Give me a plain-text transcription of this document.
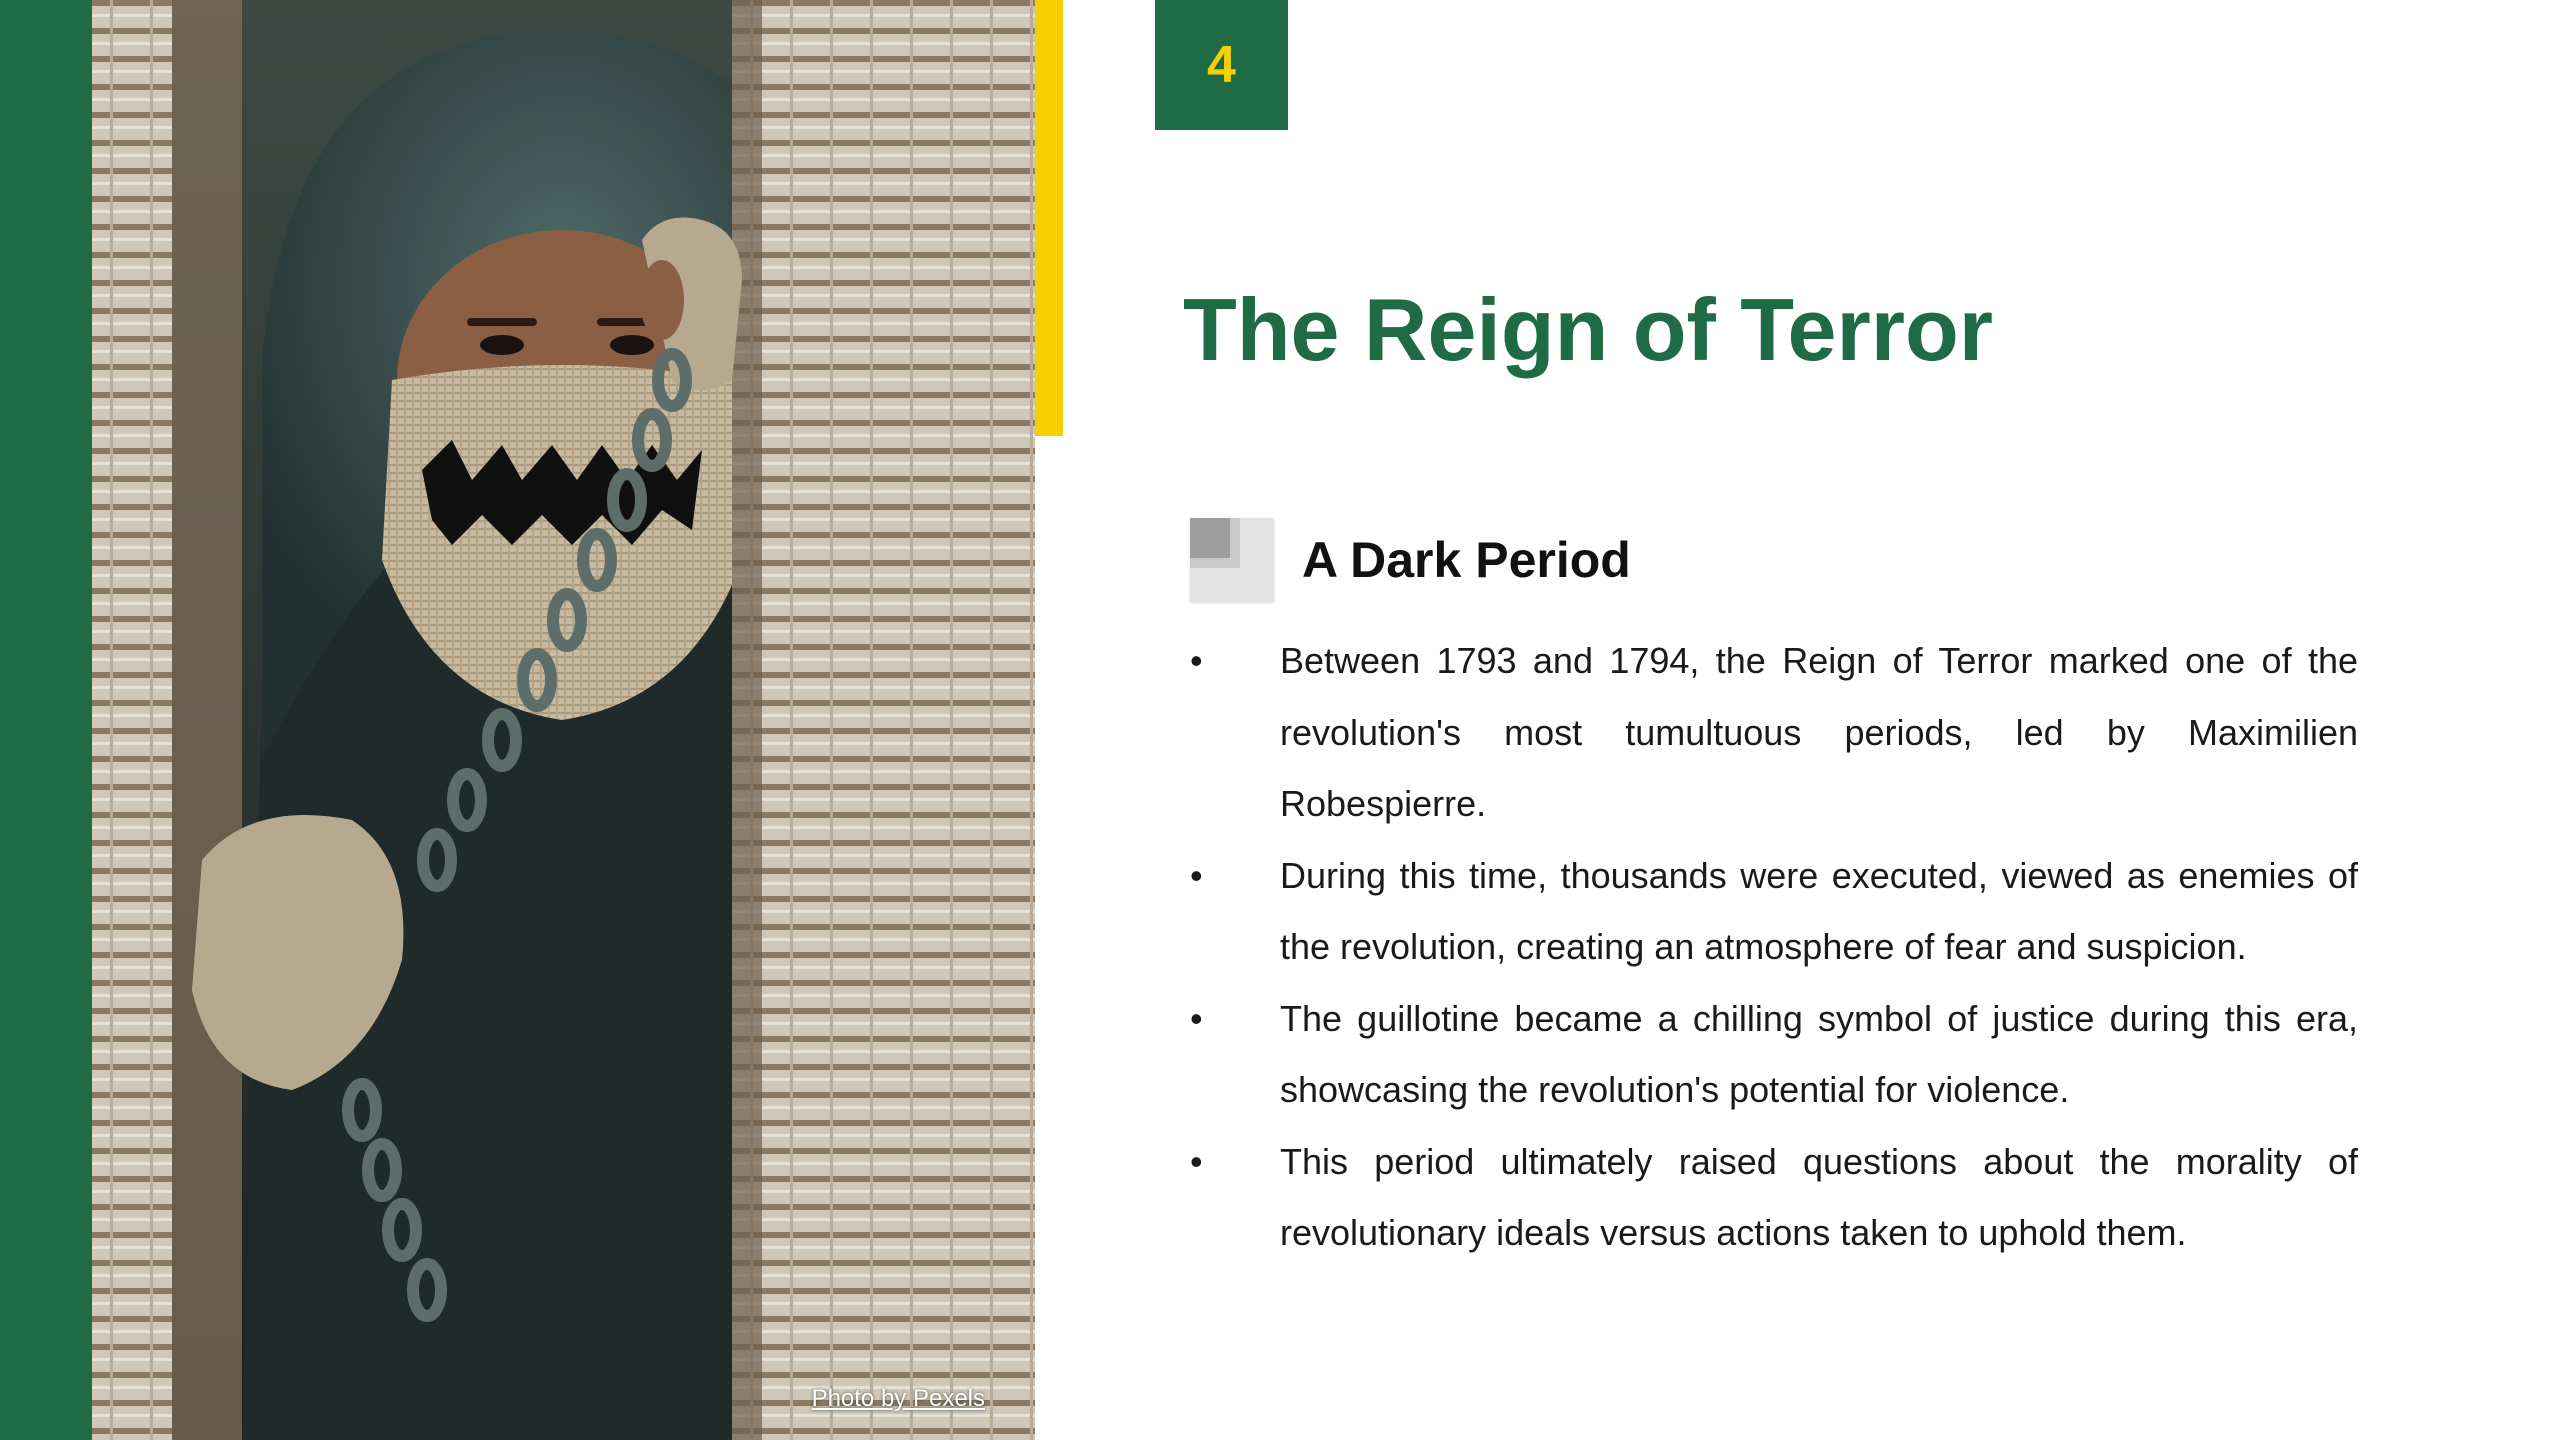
Photo by Pexels
4
The Reign of Terror
A Dark Period
• Between 1793 and 1794, the Reign of Terror marked one of the revolution's most tumultuous periods, led by Maximilien Robespierre.
• During this time, thousands were executed, viewed as enemies of the revolution, creating an atmosphere of fear and suspicion.
• The guillotine became a chilling symbol of justice during this era, showcasing the revolution's potential for violence.
• This period ultimately raised questions about the morality of revolutionary ideals versus actions taken to uphold them.
